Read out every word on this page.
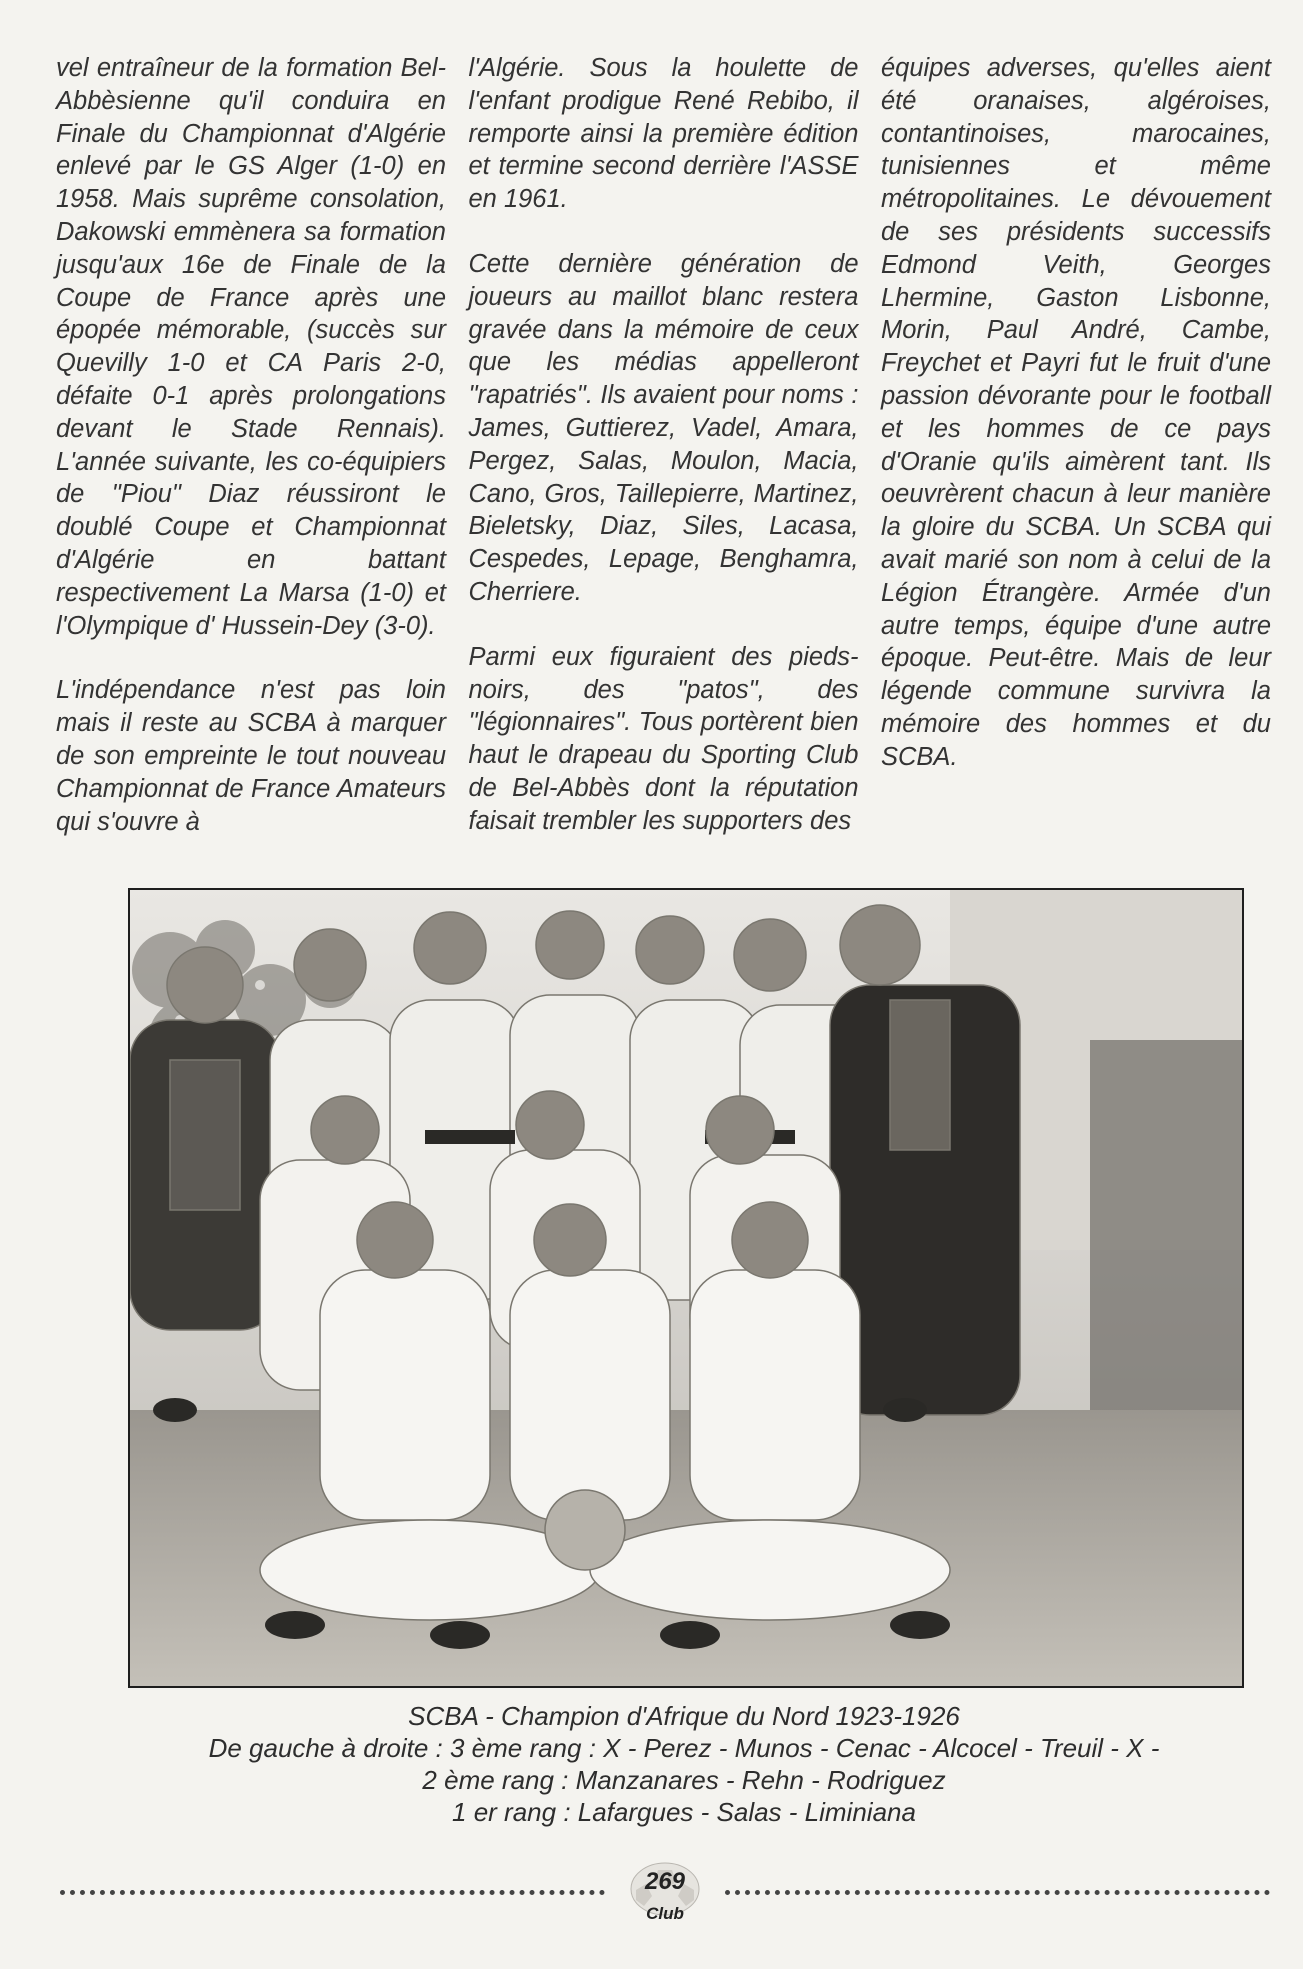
vel entraîneur de la formation Bel-Abbèsienne qu'il conduira en Finale du Championnat d'Algérie enlevé par le GS Alger (1-0) en 1958. Mais suprême consolation, Dakowski emmènera sa formation jusqu'aux 16e de Finale de la Coupe de France après une épopée mémorable, (succès sur Quevilly 1-0 et CA Paris 2-0, défaite 0-1 après prolongations devant le Stade Rennais). L'année suivante, les co-équipiers de "Piou" Diaz réussiront le doublé Coupe et Championnat d'Algérie en battant respectivement La Marsa (1-0) et l'Olympique d' Hussein-Dey (3-0).

L'indépendance n'est pas loin mais il reste au SCBA à marquer de son empreinte le tout nouveau Championnat de France Amateurs qui s'ouvre à

l'Algérie. Sous la houlette de l'enfant prodigue René Rebibo, il remporte ainsi la première édition et termine second derrière l'ASSE en 1961.

Cette dernière génération de joueurs au maillot blanc restera gravée dans la mémoire de ceux que les médias appelleront "rapatriés". Ils avaient pour noms : James, Guttierez, Vadel, Amara, Pergez, Salas, Moulon, Macia, Cano, Gros, Taillepierre, Martinez, Bieletsky, Diaz, Siles, Lacasa, Cespedes, Lepage, Benghamra, Cherriere.

Parmi eux figuraient des pieds-noirs, des "patos", des "légionnaires". Tous portèrent bien haut le drapeau du Sporting Club de Bel-Abbès dont la réputation faisait trembler les supporters des

équipes adverses, qu'elles aient été oranaises, algéroises, contantinoises, marocaines, tunisiennes et même métropolitaines. Le dévouement de ses présidents successifs Edmond Veith, Georges Lhermine, Gaston Lisbonne, Morin, Paul André, Cambe, Freychet et Payri fut le fruit d'une passion dévorante pour le football et les hommes de ce pays d'Oranie qu'ils aimèrent tant. Ils oeuvrèrent chacun à leur manière la gloire du SCBA. Un SCBA qui avait marié son nom à celui de la Légion Étrangère. Armée d'un autre temps, équipe d'une autre époque. Peut-être. Mais de leur légende commune survivra la mémoire des hommes et du SCBA.

SCBA - Champion d'Afrique du Nord 1923-1926
De gauche à droite : 3 ème rang : X - Perez - Munos - Cenac - Alcocel - Treuil - X -
2 ème rang : Manzanares - Rehn - Rodriguez
1 er rang : Lafargues - Salas - Liminiana
269
Club
